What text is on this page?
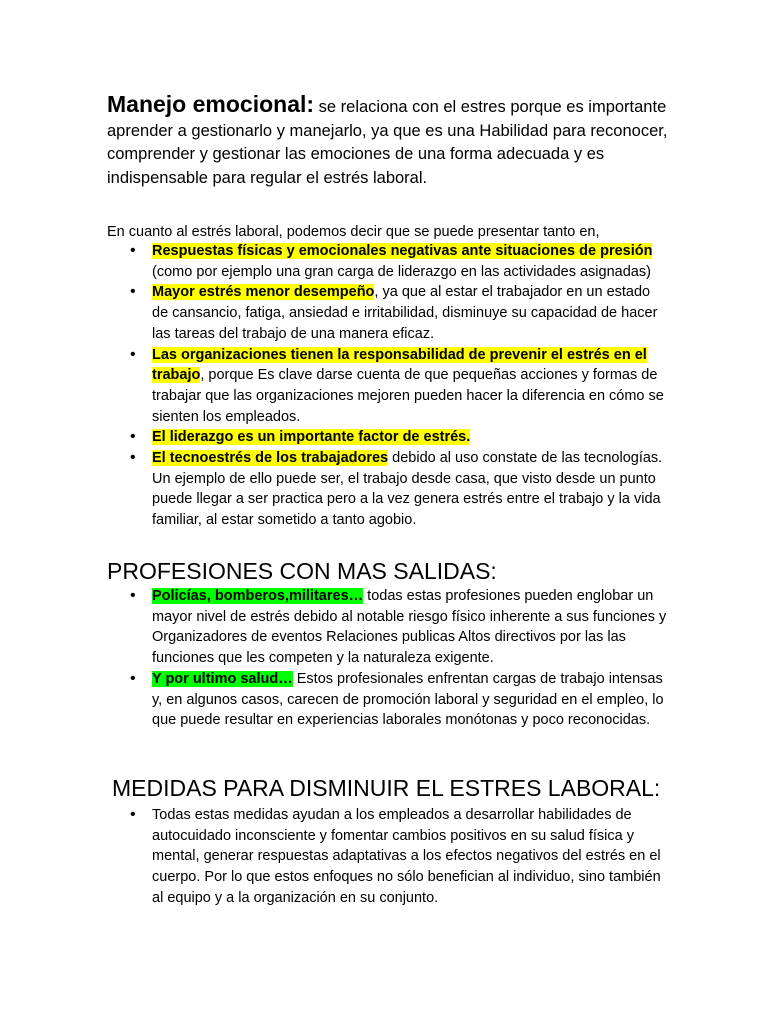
Manejo emocional: se relaciona con el estres porque es importante aprender a gestionarlo y manejarlo, ya que es una Habilidad para reconocer, comprender y gestionar las emociones de una forma adecuada y es indispensable para regular el estrés laboral.

En cuanto al estrés laboral, podemos decir que se puede presentar tanto en,

• Respuestas físicas y emocionales negativas ante situaciones de presión (como por ejemplo una gran carga de liderazgo en las actividades asignadas)
• Mayor estrés menor desempeño, ya que al estar el trabajador en un estado de cansancio, fatiga, ansiedad e irritabilidad, disminuye su capacidad de hacer las tareas del trabajo de una manera eficaz.
• Las organizaciones tienen la responsabilidad de prevenir el estrés en el trabajo, porque Es clave darse cuenta de que pequeñas acciones y formas de trabajar que las organizaciones mejoren pueden hacer la diferencia en cómo se sienten los empleados.
• El liderazgo es un importante factor de estrés.
• El tecnoestrés de los trabajadores debido al uso constate de las tecnologías. Un ejemplo de ello puede ser, el trabajo desde casa, que visto desde un punto puede llegar a ser practica pero a la vez genera estrés entre el trabajo y la vida familiar, al estar sometido a tanto agobio.
PROFESIONES CON MAS SALIDAS:
• Policías, bomberos,militares… todas estas profesiones pueden englobar un mayor nivel de estrés debido al notable riesgo físico inherente a sus funciones y Organizadores de eventos Relaciones publicas Altos directivos por las las funciones que les competen y la naturaleza exigente.
• Y por ultimo salud… Estos profesionales enfrentan cargas de trabajo intensas y, en algunos casos, carecen de promoción laboral y seguridad en el empleo, lo que puede resultar en experiencias laborales monótonas y poco reconocidas.
MEDIDAS PARA DISMINUIR EL ESTRES LABORAL:
• Todas estas medidas ayudan a los empleados a desarrollar habilidades de autocuidado inconsciente y fomentar cambios positivos en su salud física y mental, generar respuestas adaptativas a los efectos negativos del estrés en el cuerpo. Por lo que estos enfoques no sólo benefician al individuo, sino también al equipo y a la organización en su conjunto.
